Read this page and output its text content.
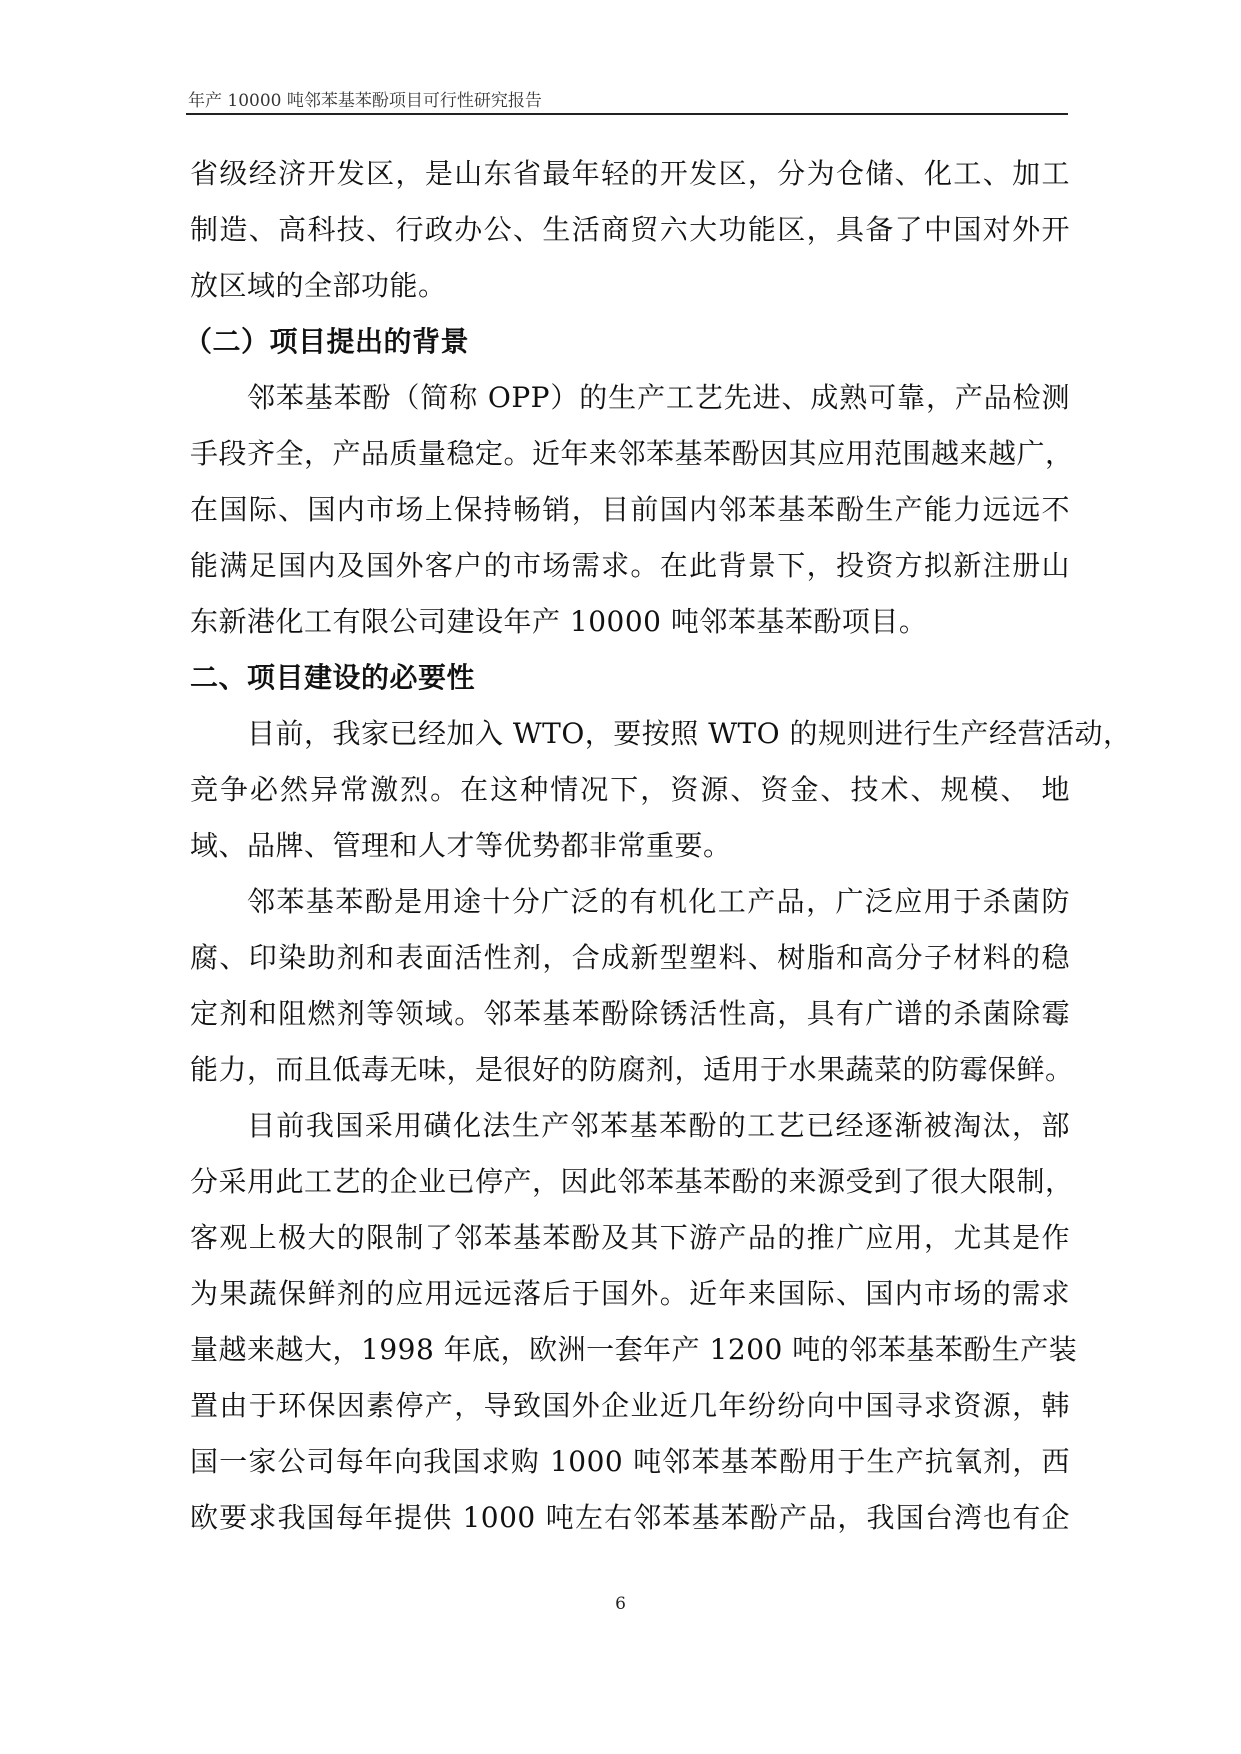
年产 10000 吨邻苯基苯酚项目可行性研究报告
省级经济开发区，是山东省最年轻的开发区，分为仓储、化工、加工
制造、高科技、行政办公、生活商贸六大功能区，具备了中国对外开
放区域的全部功能。
（二）项目提出的背景
邻苯基苯酚（简称 OPP）的生产工艺先进、成熟可靠，产品检测
手段齐全，产品质量稳定。近年来邻苯基苯酚因其应用范围越来越广，
在国际、国内市场上保持畅销，目前国内邻苯基苯酚生产能力远远不
能满足国内及国外客户的市场需求。在此背景下，投资方拟新注册山
东新港化工有限公司建设年产 10000 吨邻苯基苯酚项目。
二、项目建设的必要性
目前，我家已经加入 WTO，要按照 WTO 的规则进行生产经营活动，
竞争必然异常激烈。在这种情况下，资源、资金、技术、规模、 地
域、品牌、管理和人才等优势都非常重要。
邻苯基苯酚是用途十分广泛的有机化工产品，广泛应用于杀菌防
腐、印染助剂和表面活性剂，合成新型塑料、树脂和高分子材料的稳
定剂和阻燃剂等领域。邻苯基苯酚除锈活性高，具有广谱的杀菌除霉
能力，而且低毒无味，是很好的防腐剂，适用于水果蔬菜的防霉保鲜。
目前我国采用磺化法生产邻苯基苯酚的工艺已经逐渐被淘汰，部
分采用此工艺的企业已停产，因此邻苯基苯酚的来源受到了很大限制，
客观上极大的限制了邻苯基苯酚及其下游产品的推广应用，尤其是作
为果蔬保鲜剂的应用远远落后于国外。近年来国际、国内市场的需求
量越来越大，1998 年底，欧洲一套年产 1200 吨的邻苯基苯酚生产装
置由于环保因素停产，导致国外企业近几年纷纷向中国寻求资源，韩
国一家公司每年向我国求购 1000 吨邻苯基苯酚用于生产抗氧剂，西
欧要求我国每年提供 1000 吨左右邻苯基苯酚产品，我国台湾也有企
6
